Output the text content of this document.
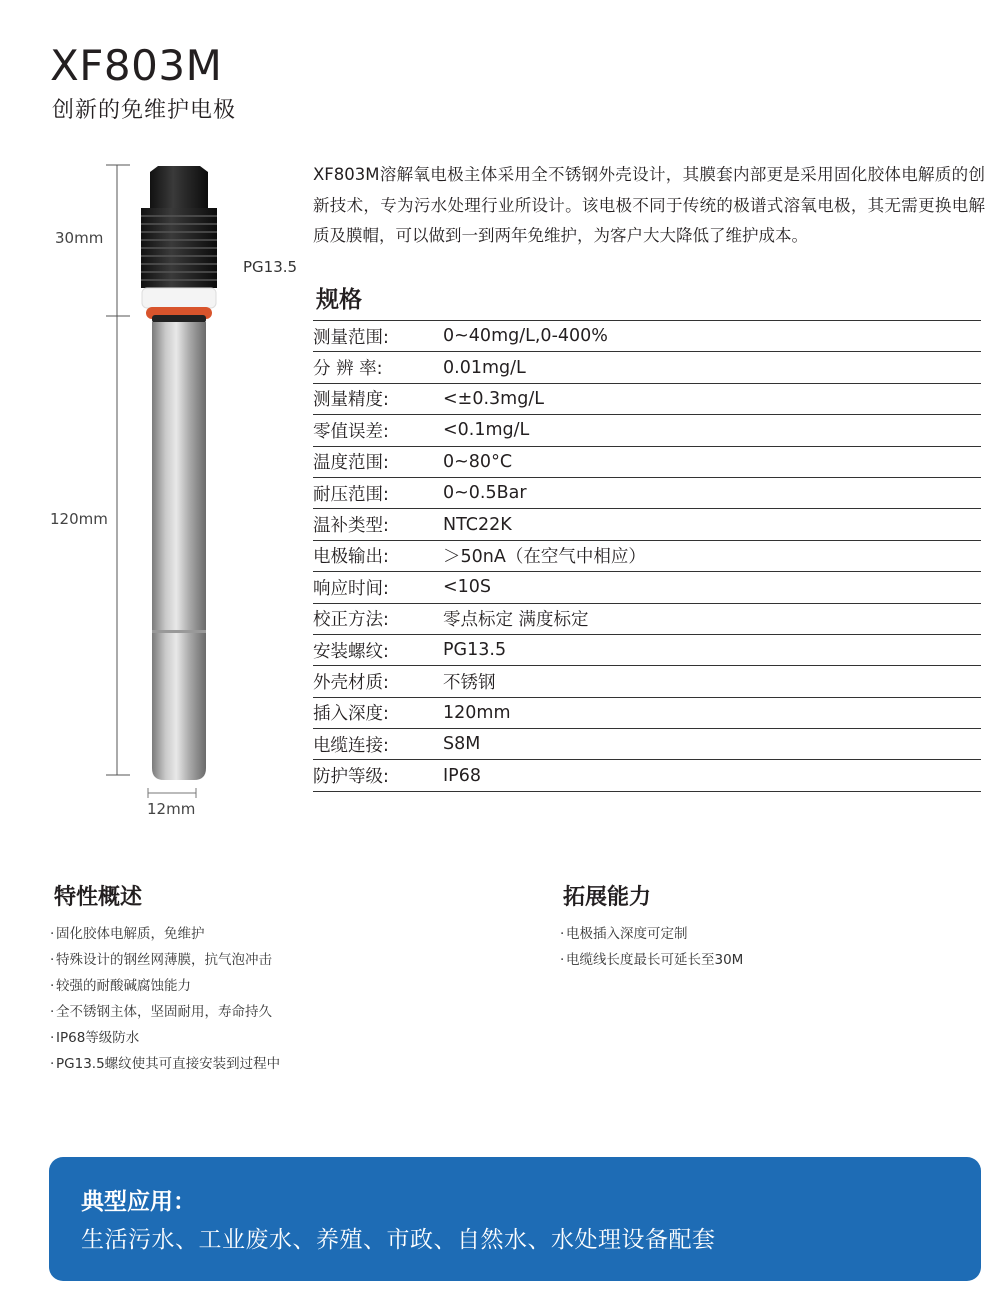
XF803M
创新的免维护电极
30mm
120mm
12mm
PG13.5
XF803M溶解氧电极主体采用全不锈钢外壳设计，其膜套内部更是采用固化胶体电解质的创新技术，专为污水处理行业所设计。该电极不同于传统的极谱式溶氧电极，其无需更换电解质及膜帽，可以做到一到两年免维护，为客户大大降低了维护成本。
规格
测量范围:	0~40mg/L,0-400%
分 辨 率:	0.01mg/L
测量精度:	<±0.3mg/L
零值误差:	<0.1mg/L
温度范围:	0~80°C
耐压范围:	0~0.5Bar
温补类型:	NTC22K
电极输出:	＞50nA（在空气中相应）
响应时间:	<10S
校正方法:	零点标定 满度标定
安装螺纹:	PG13.5
外壳材质:	不锈钢
插入深度:	120mm
电缆连接:	S8M
防护等级:	IP68
特性概述
· 固化胶体电解质，免维护
· 特殊设计的钢丝网薄膜，抗气泡冲击
· 较强的耐酸碱腐蚀能力
· 全不锈钢主体，坚固耐用，寿命持久
· IP68等级防水
· PG13.5螺纹使其可直接安装到过程中
拓展能力
· 电极插入深度可定制
· 电缆线长度最长可延长至30M
典型应用：
生活污水、工业废水、养殖、市政、自然水、水处理设备配套
